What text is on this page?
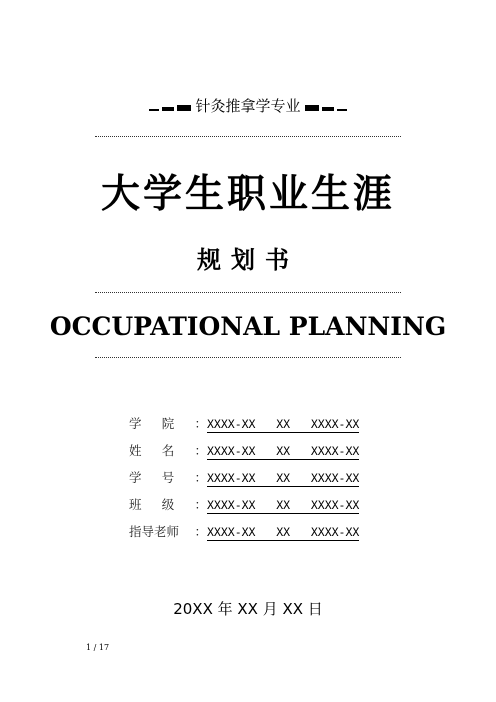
针灸推拿学专业
大学生职业生涯
规划书
OCCUPATIONAL PLANNING
学 院 ： XXXX-XX   XX   XXXX-XX
姓 名 ： XXXX-XX   XX   XXXX-XX
学 号 ： XXXX-XX   XX   XXXX-XX
班 级 ： XXXX-XX   XX   XXXX-XX
指导老师 ： XXXX-XX   XX   XXXX-XX
20XX 年 XX 月 XX 日
1 / 17
